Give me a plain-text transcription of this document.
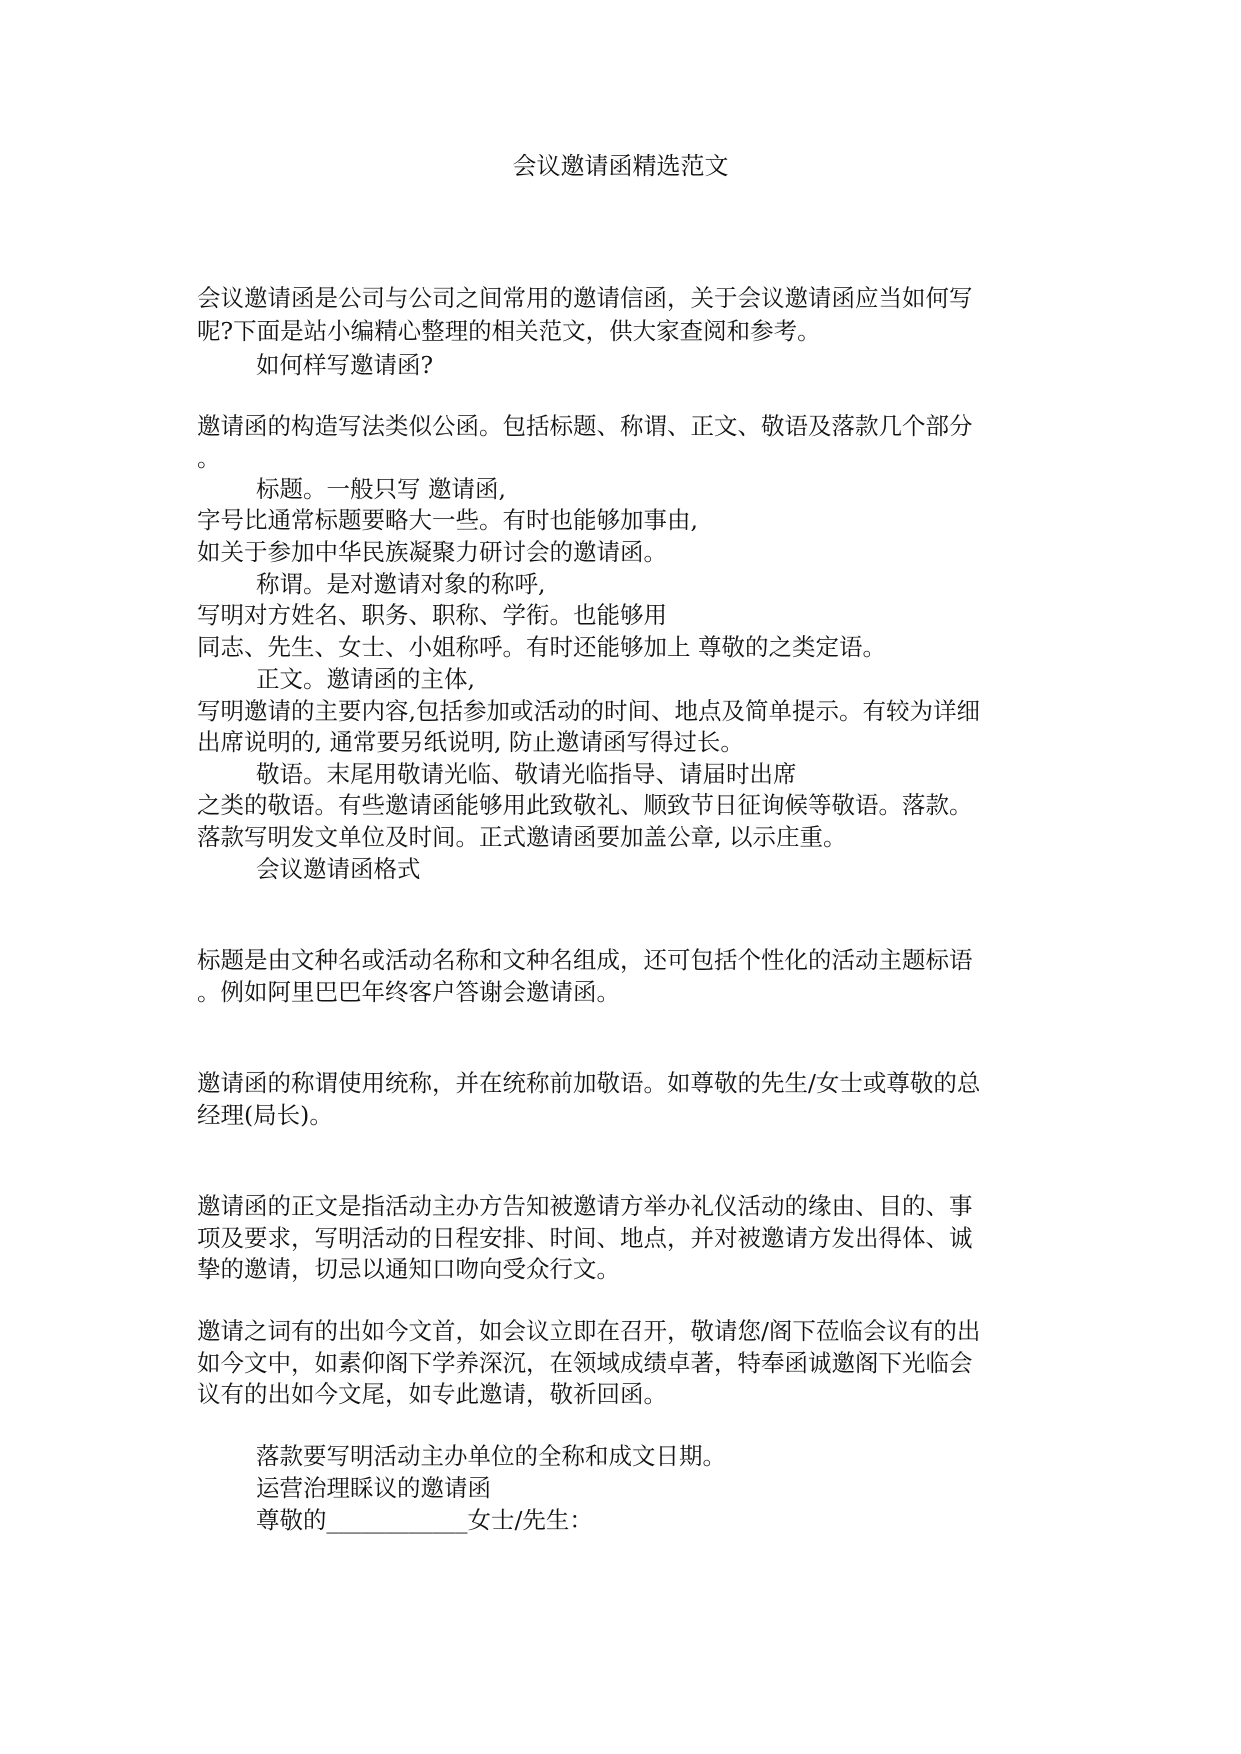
会议邀请函精选范文
会议邀请函是公司与公司之间常用的邀请信函，关于会议邀请函应当如何写
呢?下面是站小编精心整理的相关范文，供大家查阅和参考。
如何样写邀请函?
邀请函的构造写法类似公函。包括标题、称谓、正文、敬语及落款几个部分
。
标题。一般只写 邀请函,
字号比通常标题要略大一些。有时也能够加事由,
如关于参加中华民族凝聚力研讨会的邀请函。
称谓。是对邀请对象的称呼,
写明对方姓名、职务、职称、学衔。也能够用
同志、先生、女士、小姐称呼。有时还能够加上 尊敬的之类定语。
正文。邀请函的主体,
写明邀请的主要内容,包括参加或活动的时间、地点及简单提示。有较为详细
出席说明的, 通常要另纸说明, 防止邀请函写得过长。
敬语。末尾用敬请光临、敬请光临指导、请届时出席
之类的敬语。有些邀请函能够用此致敬礼、顺致节日征询候等敬语。落款。
落款写明发文单位及时间。正式邀请函要加盖公章, 以示庄重。
会议邀请函格式
标题是由文种名或活动名称和文种名组成，还可包括个性化的活动主题标语
。例如阿里巴巴年终客户答谢会邀请函。
邀请函的称谓使用统称，并在统称前加敬语。如尊敬的先生/女士或尊敬的总
经理(局长)。
邀请函的正文是指活动主办方告知被邀请方举办礼仪活动的缘由、目的、事
项及要求，写明活动的日程安排、时间、地点，并对被邀请方发出得体、诚
挚的邀请，切忌以通知口吻向受众行文。
邀请之词有的出如今文首，如会议立即在召开，敬请您/阁下莅临会议有的出
如今文中，如素仰阁下学养深沉，在领域成绩卓著，特奉函诚邀阁下光临会
议有的出如今文尾，如专此邀请，敬祈回函。
落款要写明活动主办单位的全称和成文日期。
运营治理睬议的邀请函
尊敬的____________女士/先生：
